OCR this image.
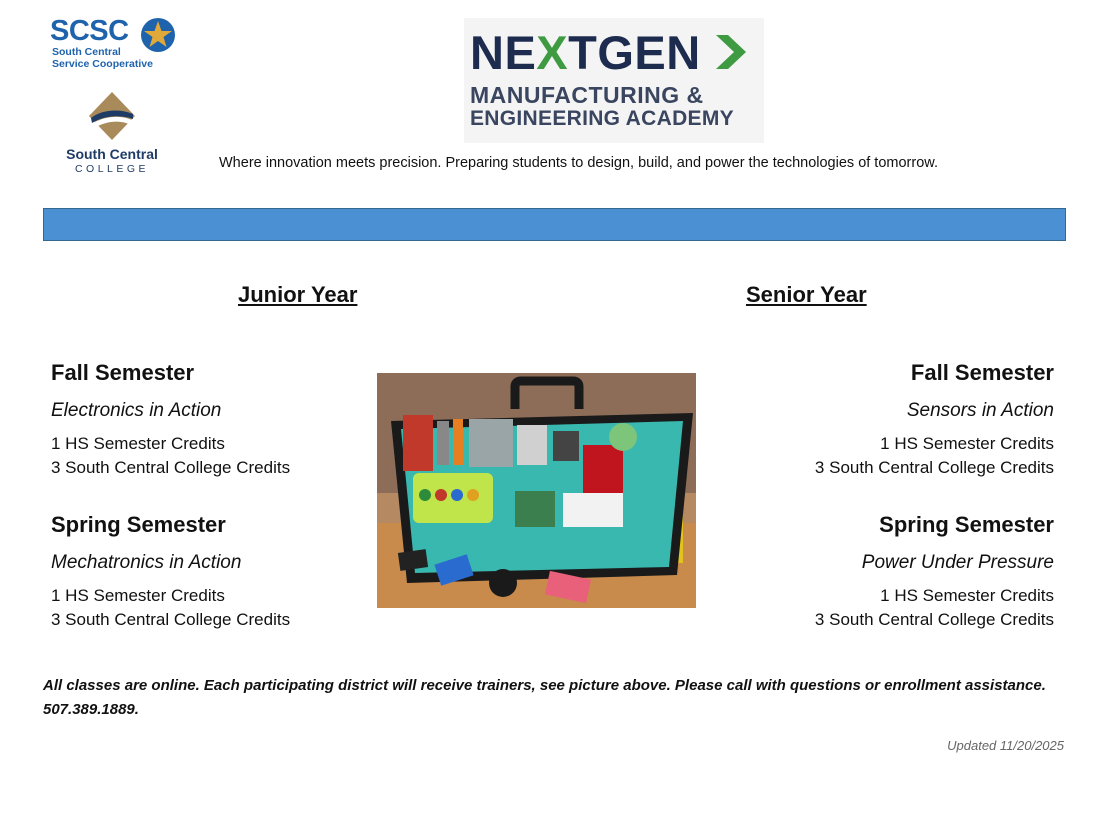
SCSC
South Central
Service Cooperative
South Central
COLLEGE
NEXTGEN
MANUFACTURING &
ENGINEERING ACADEMY
Where innovation meets precision. Preparing students to design, build, and power the technologies of tomorrow.
Junior Year	Senior Year
Fall Semester
Electronics in Action
1 HS Semester Credits
3 South Central College Credits
Spring Semester
Mechatronics in Action
1 HS Semester Credits
3 South Central College Credits
Fall Semester
Sensors in Action
1 HS Semester Credits
3 South Central College Credits
Spring Semester
Power Under Pressure
1 HS Semester Credits
3 South Central College Credits
All classes are online. Each participating district will receive trainers, see picture above. Please call with questions or enrollment assistance. 507.389.1889.
Updated 11/20/2025
